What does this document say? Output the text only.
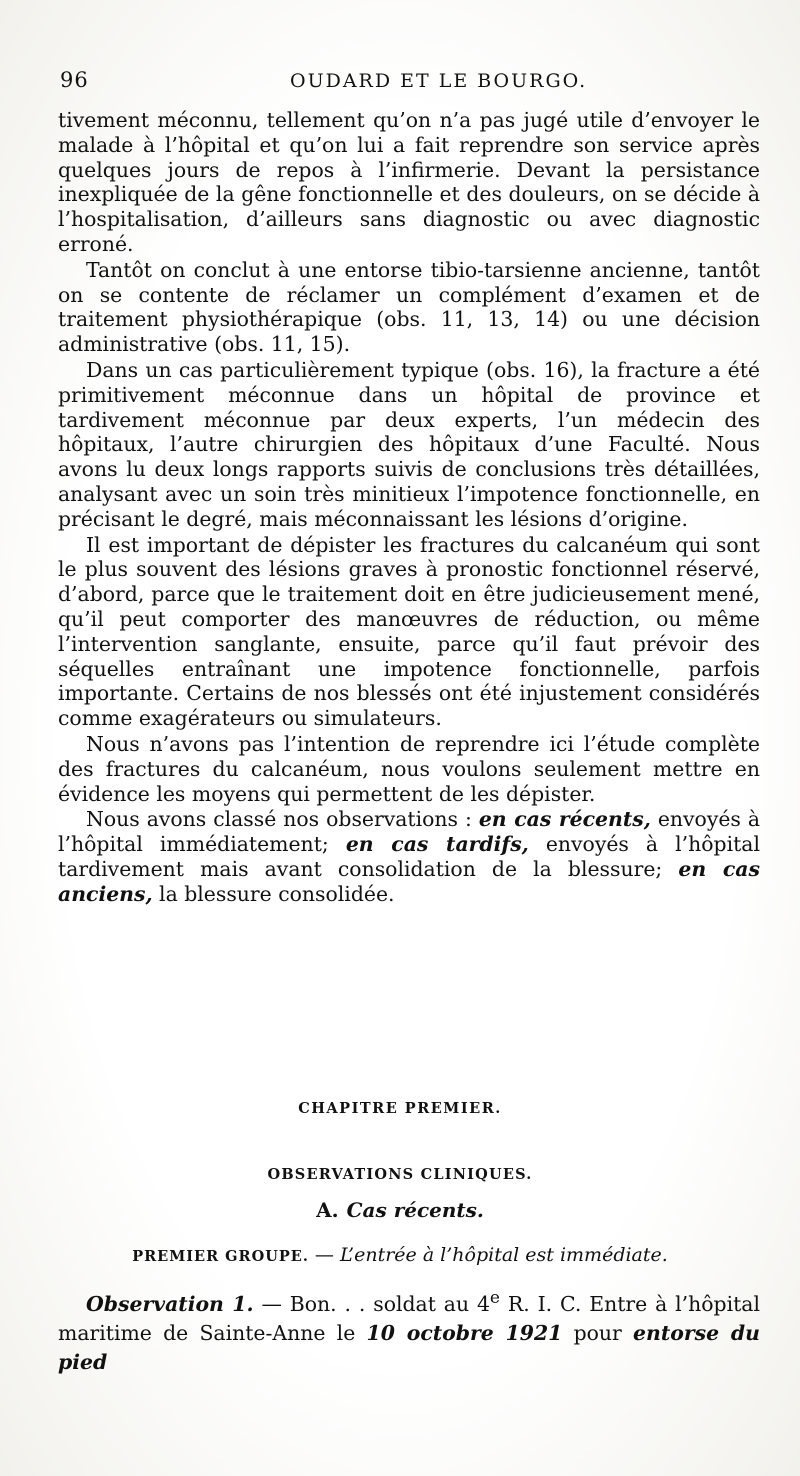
96	OUDARD ET LE BOURGO.

tivement méconnu, tellement qu’on n’a pas jugé utile d’envoyer le malade à l’hôpital et qu’on lui a fait reprendre son service après quelques jours de repos à l’infirmerie. Devant la persistance inexpliquée de la gêne fonctionnelle et des douleurs, on se décide à l’hospitalisation, d’ailleurs sans diagnostic ou avec diagnostic erroné.

Tantôt on conclut à une entorse tibio-tarsienne ancienne, tantôt on se contente de réclamer un complément d’examen et de traitement physiothérapique (obs. 11, 13, 14) ou une décision administrative (obs. 11, 15).

Dans un cas particulièrement typique (obs. 16), la fracture a été primitivement méconnue dans un hôpital de province et tardivement méconnue par deux experts, l’un médecin des hôpitaux, l’autre chirurgien des hôpitaux d’une Faculté. Nous avons lu deux longs rapports suivis de conclusions très détaillées, analysant avec un soin très minitieux l’impotence fonctionnelle, en précisant le degré, mais méconnaissant les lésions d’origine.

Il est important de dépister les fractures du calcanéum qui sont le plus souvent des lésions graves à pronostic fonctionnel réservé, d’abord, parce que le traitement doit en être judicieusement mené, qu’il peut comporter des manœuvres de réduction, ou même l’intervention sanglante, ensuite, parce qu’il faut prévoir des séquelles entraînant une impotence fonctionnelle, parfois importante. Certains de nos blessés ont été injustement considérés comme exagérateurs ou simulateurs.

Nous n’avons pas l’intention de reprendre ici l’étude complète des fractures du calcanéum, nous voulons seulement mettre en évidence les moyens qui permettent de les dépister.

Nous avons classé nos observations : en cas récents, envoyés à l’hôpital immédiatement; en cas tardifs, envoyés à l’hôpital tardivement mais avant consolidation de la blessure; en cas anciens, la blessure consolidée.

CHAPITRE PREMIER.
OBSERVATIONS CLINIQUES.
A. Cas récents.
PREMIER GROUPE. — L’entrée à l’hôpital est immédiate.

Observation 1. — Bon. . . soldat au 4e R. I. C. Entre à l’hôpital maritime de Sainte-Anne le 10 octobre 1921 pour entorse du pied
